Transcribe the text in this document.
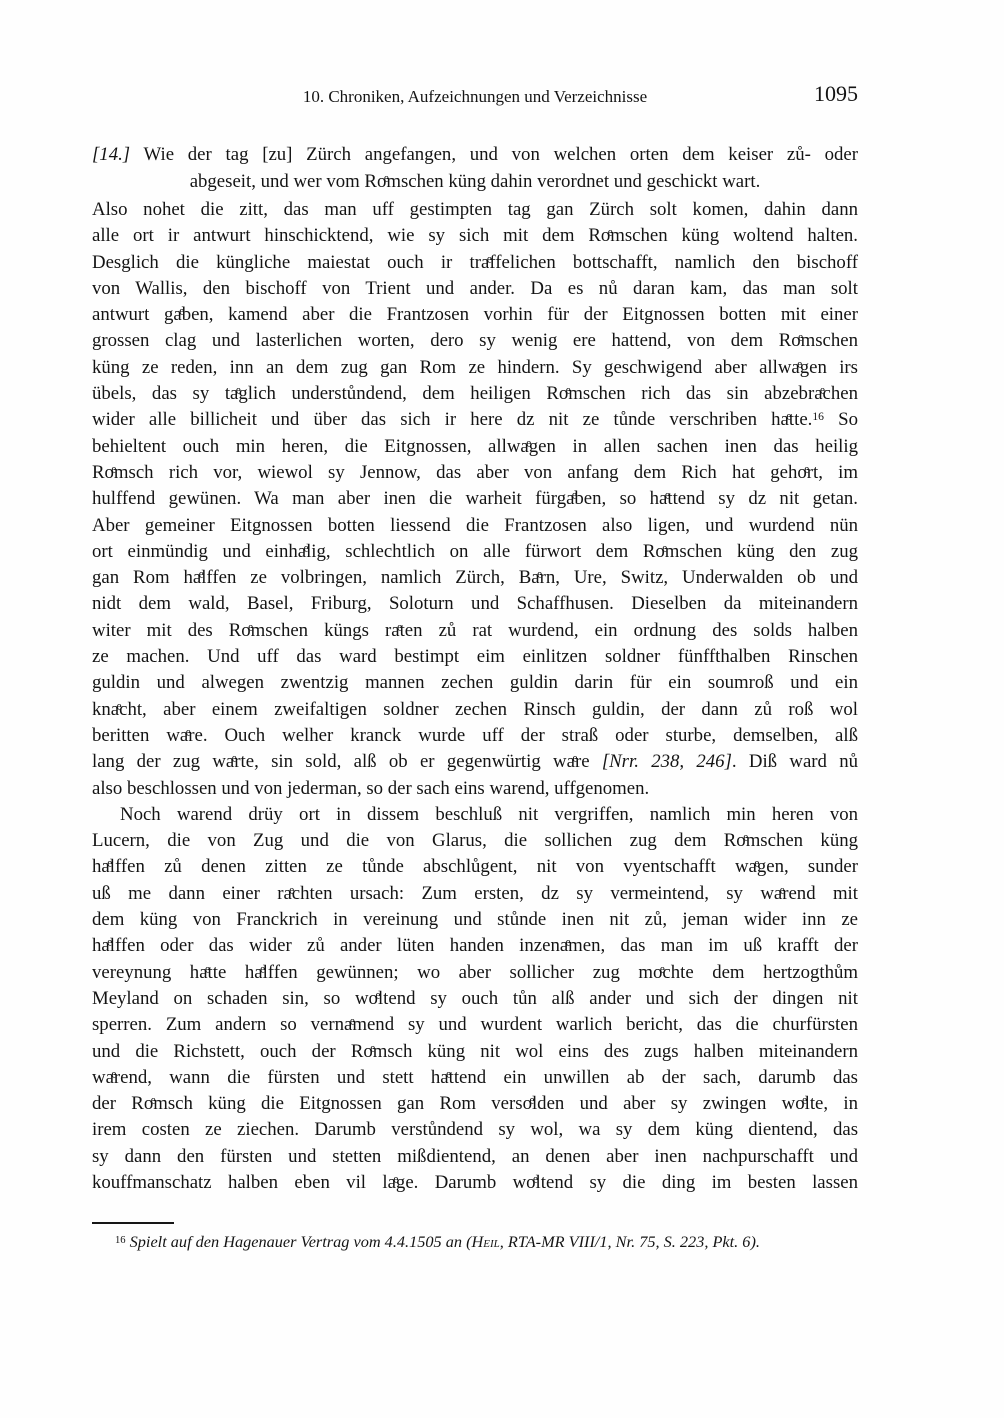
10. Chroniken, Aufzeichnungen und Verzeichnisse	1095
[14.] Wie der tag [zu] Zürch angefangen, und von welchen orten dem keiser zů- oder
abgeseit, und wer vom Roͤmschen küng dahin verordnet und geschickt wart.
Also nohet die zitt, das man uff gestimpten tag gan Zürch solt komen, dahin dann
alle ort ir antwurt hinschicktend, wie sy sich mit dem Roͤmschen küng woltend halten.
Desglich die küngliche maiestat ouch ir traͤffelichen bottschafft, namlich den bischoff
von Wallis, den bischoff von Trient und ander. Da es nů daran kam, das man solt
antwurt gaͤben, kamend aber die Frantzosen vorhin für der Eitgnossen botten mit einer
grossen clag und lasterlichen worten, dero sy wenig ere hattend, von dem Roͤmschen
küng ze reden, inn an dem zug gan Rom ze hindern. Sy geschwigend aber allwaͤgen irs
übels, das sy taͤglich understůndend, dem heiligen Roͤmschen rich das sin abzebraͤchen
wider alle billicheit und über das sich ir here dz nit ze tůnde verschriben haͤtte.$^{16}$ So
behieltent ouch min heren, die Eitgnossen, allwaͤgen in allen sachen inen das heilig
Roͤmsch rich vor, wiewol sy Jennow, das aber von anfang dem Rich hat gehoͤrt, im
hulffend gewünen. Wa man aber inen die warheit fürgaͤben, so haͤttend sy dz nit getan.
Aber gemeiner Eitgnossen botten liessend die Frantzosen also ligen, und wurdend nün
ort einmündig und einhaͤlig, schlechtlich on alle fürwort dem Roͤmschen küng den zug
gan Rom haͤlffen ze volbringen, namlich Zürch, Baͤrn, Ure, Switz, Underwalden ob und
nidt dem wald, Basel, Friburg, Soloturn und Schaffhusen. Dieselben da miteinandern
witer mit des Roͤmschen küngs raͤten zů rat wurdend, ein ordnung des solds halben
ze machen. Und uff das ward bestimpt eim einlitzen soldner fünffthalben Rinschen
guldin und alwegen zwentzig mannen zechen guldin darin für ein soumroß und ein
knaͤcht, aber einem zweifaltigen soldner zechen Rinsch guldin, der dann zů roß wol
beritten waͤre. Ouch welher kranck wurde uff der straß oder sturbe, demselben, alß
lang der zug waͤrte, sin sold, alß ob er gegenwürtig waͤre [Nrr. 238, 246]. Diß ward nů
also beschlossen und von jederman, so der sach eins warend, uffgenomen.
Noch warend drüy ort in dissem beschluß nit vergriffen, namlich min heren von
Lucern, die von Zug und die von Glarus, die sollichen zug dem Roͤmschen küng
haͤlffen zů denen zitten ze tůnde abschlůgent, nit von vyentschafft waͤgen, sunder
uß me dann einer raͤchten ursach: Zum ersten, dz sy vermeintend, sy waͤrend mit
dem küng von Franckrich in vereinung und stůnde inen nit zů, jeman wider inn ze
haͤlffen oder das wider zů ander lüten handen inzenaͤmen, das man im uß krafft der
vereynung haͤtte haͤlffen gewünnen; wo aber sollicher zug moͤchte dem hertzogthům
Meyland on schaden sin, so woͤltend sy ouch tůn alß ander und sich der dingen nit
sperren. Zum andern so vernaͤmend sy und wurdent warlich bericht, das die churfürsten
und die Richstett, ouch der Roͤmsch küng nit wol eins des zugs halben miteinandern
waͤrend, wann die fürsten und stett haͤttend ein unwillen ab der sach, darumb das
der Roͤmsch küng die Eitgnossen gan Rom versoͤlden und aber sy zwingen woͤlte, in
irem costen ze ziechen. Darumb verstůndend sy wol, wa sy dem küng dientend, das
sy dann den fürsten und stetten mißdientend, an denen aber inen nachpurschafft und
kouffmanschatz halben eben vil laͤge. Darumb woͤltend sy die ding im besten lassen
$^{16}$ Spielt auf den Hagenauer Vertrag vom 4.4.1505 an (Heil, RTA-MR VIII/1, Nr. 75, S. 223, Pkt. 6).
